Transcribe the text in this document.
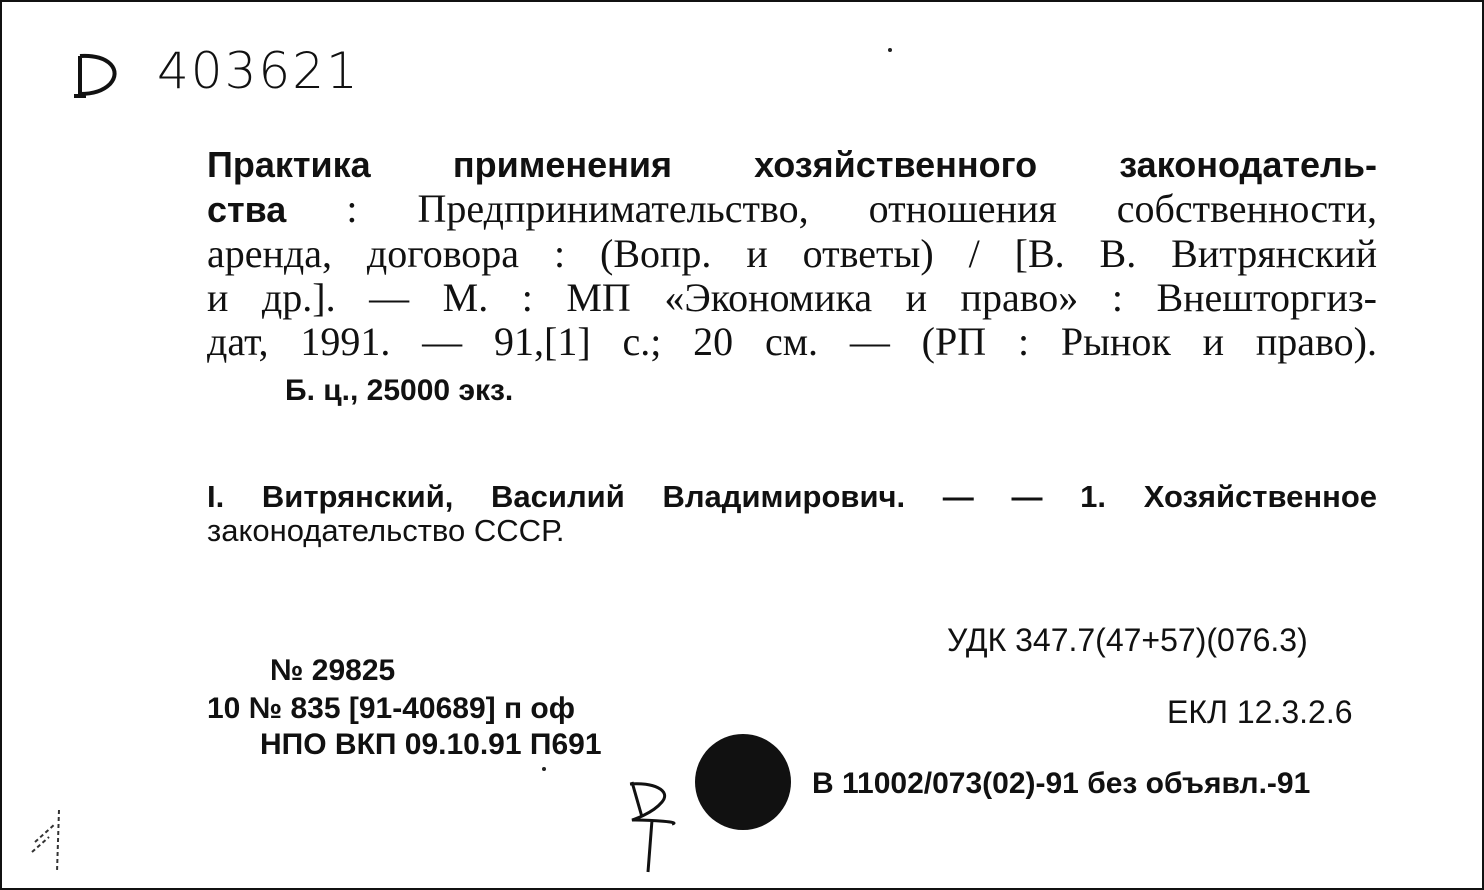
403621
Практика применения хозяйственного законодатель-
ства : Предпринимательство, отношения собственности,
аренда, договора : (Вопр. и ответы) / [В. В. Витрянский
и др.]. — М. : МП «Экономика и право» : Внешторгиз-
дат, 1991. — 91,[1] с.; 20 см. — (РП : Рынок и право).
Б. ц., 25000 экз.
I. Витрянский, Василий Владимирович. — — 1. Хозяйственное
законодательство СССР.
УДК 347.7(47+57)(076.3)
ЕКЛ 12.3.2.6
№ 29825
10 № 835 [91-40689] п оф
НПО ВКП 09.10.91 П691
В 11002/073(02)-91 без объявл.-91
